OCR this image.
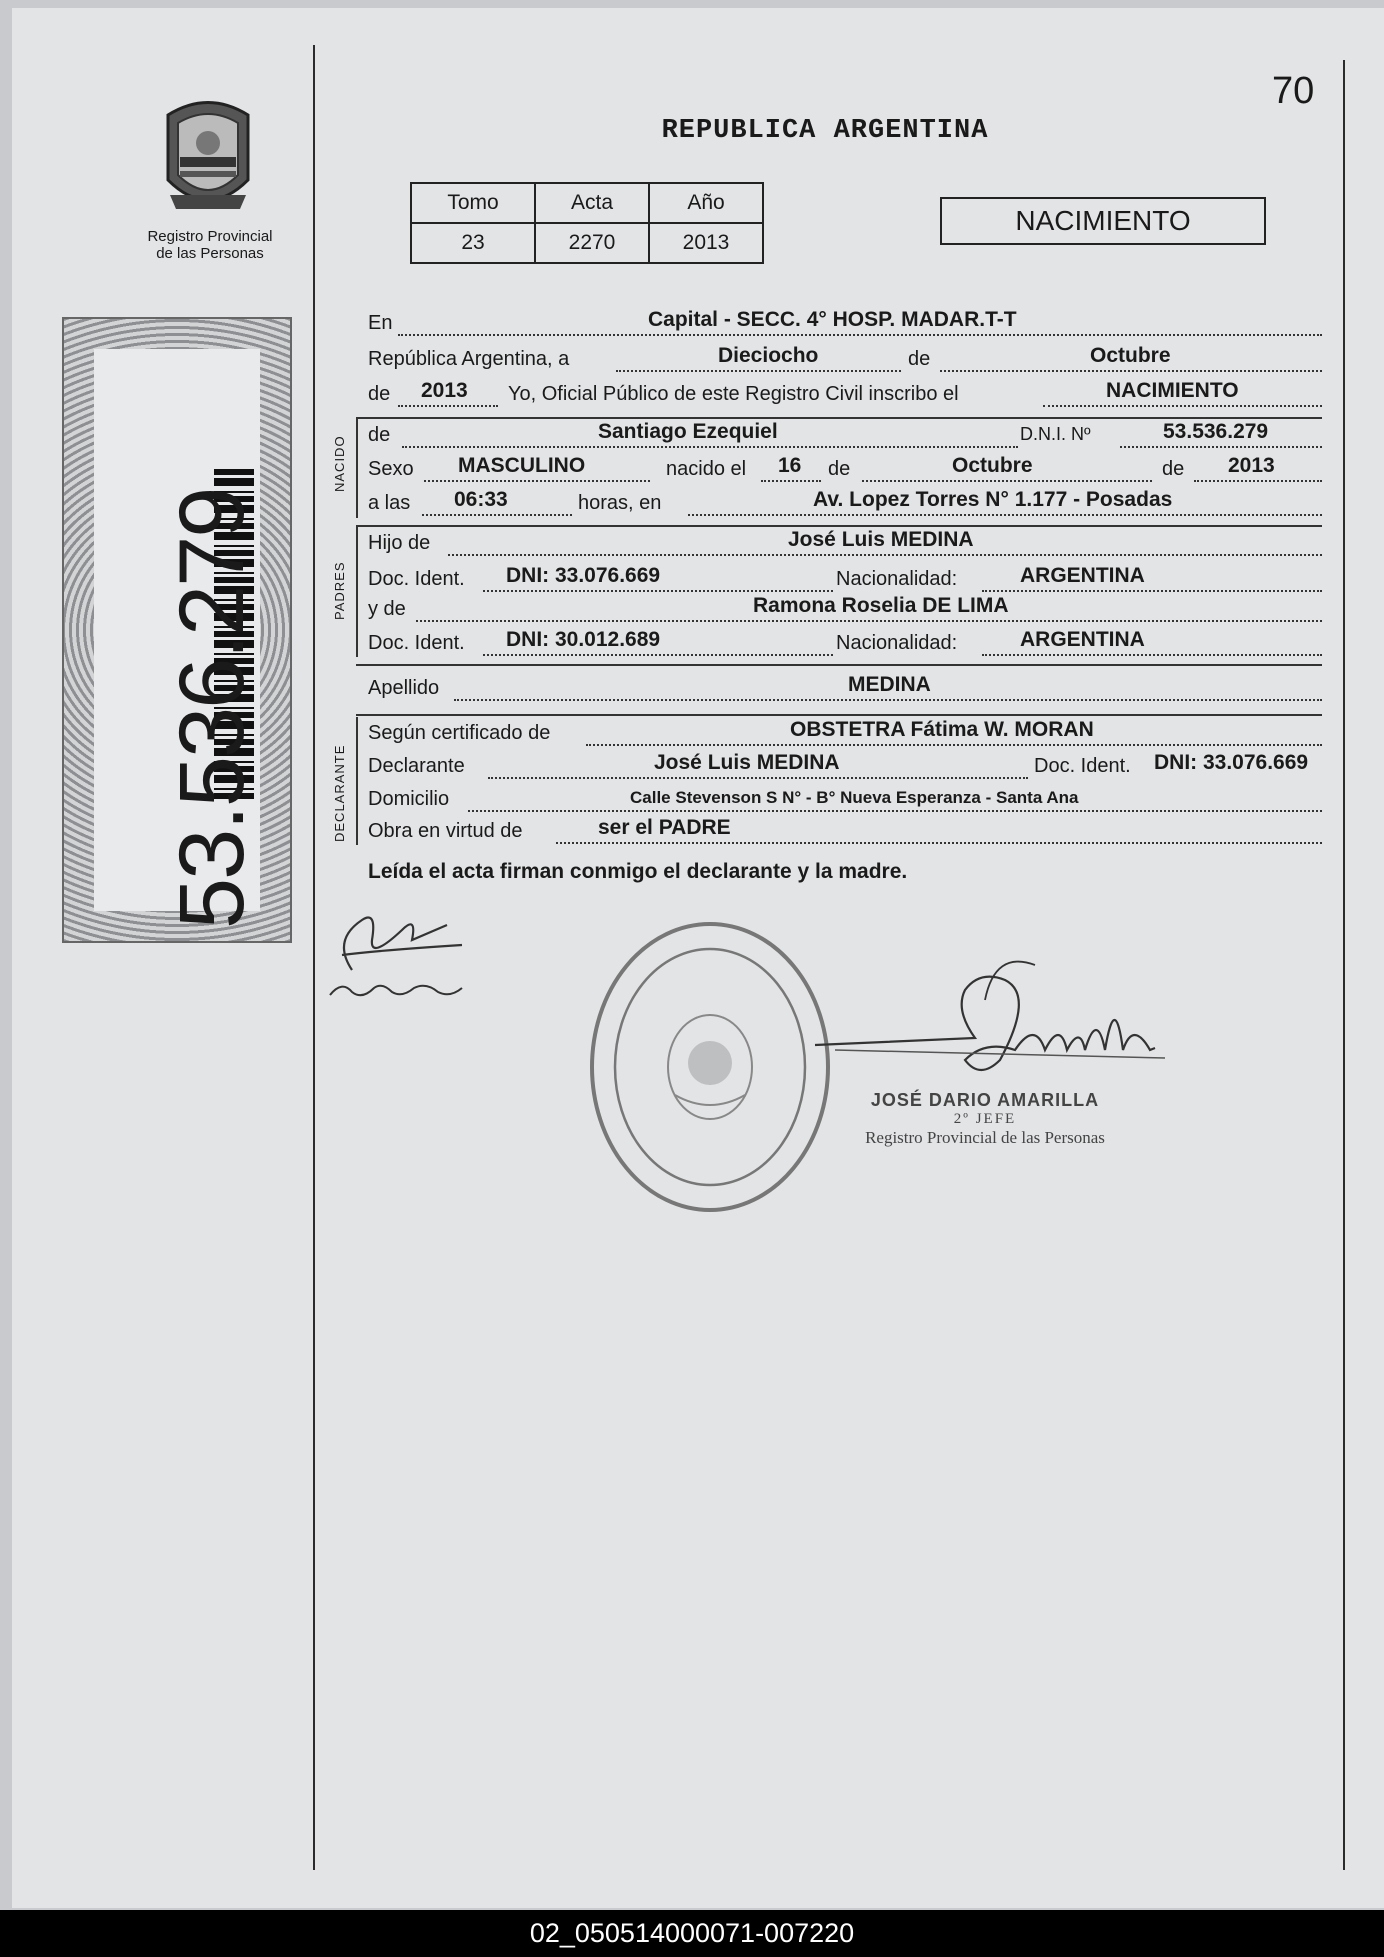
70
Registro Provincial
de las Personas
REPUBLICA ARGENTINA
Tomo	Acta	Año
23	2270	2013
NACIMIENTO
53.536.279
NACIDO
PADRES
DECLARANTE
En	Capital - SECC. 4° HOSP. MADAR.T-T
República Argentina, a	Dieciocho	de	Octubre
de 2013 Yo, Oficial Público de este Registro Civil inscribo el	NACIMIENTO
de	Santiago Ezequiel	D.N.I. Nº	53.536.279
Sexo MASCULINO	nacido el 16 de	Octubre	de 2013
a las 06:33	horas, en	Av. Lopez Torres N° 1.177 - Posadas
Hijo de	José Luis MEDINA
Doc. Ident. DNI: 33.076.669	Nacionalidad:	ARGENTINA
y de	Ramona Roselia DE LIMA
Doc. Ident. DNI: 30.012.689	Nacionalidad:	ARGENTINA
Apellido	MEDINA
Según certificado de	OBSTETRA Fátima W. MORAN
Declarante	José Luis MEDINA	Doc. Ident. DNI: 33.076.669
Domicilio	Calle Stevenson S N° - B° Nueva Esperanza - Santa Ana
Obra en virtud de	ser el PADRE
Leída el acta firman conmigo el declarante y la madre.
JOSÉ DARIO AMARILLA
2º JEFE
Registro Provincial de las Personas
02_050514000071-007220
